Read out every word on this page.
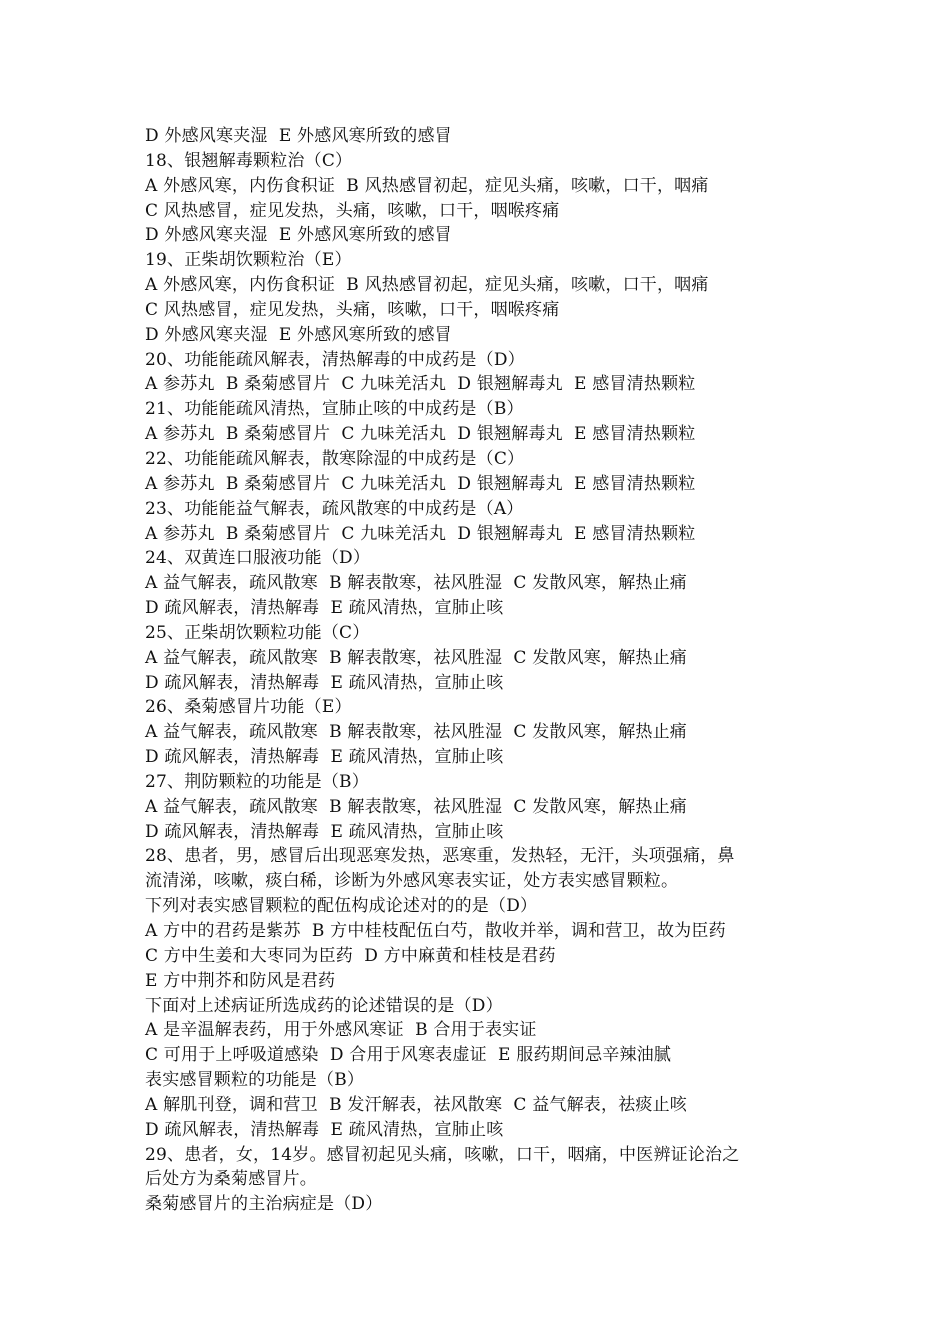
D 外感风寒夹湿  E 外感风寒所致的感冒

18、银翘解毒颗粒治（C）

A 外感风寒，内伤食积证  B 风热感冒初起，症见头痛，咳嗽，口干，咽痛

C 风热感冒，症见发热，头痛，咳嗽，口干，咽喉疼痛

D 外感风寒夹湿  E 外感风寒所致的感冒

19、正柴胡饮颗粒治（E）

A 外感风寒，内伤食积证  B 风热感冒初起，症见头痛，咳嗽，口干，咽痛

C 风热感冒，症见发热，头痛，咳嗽，口干，咽喉疼痛

D 外感风寒夹湿  E 外感风寒所致的感冒

20、功能能疏风解表，清热解毒的中成药是（D）

A 参苏丸  B 桑菊感冒片  C 九味羌活丸  D 银翘解毒丸  E 感冒清热颗粒

21、功能能疏风清热，宣肺止咳的中成药是（B）

A 参苏丸  B 桑菊感冒片  C 九味羌活丸  D 银翘解毒丸  E 感冒清热颗粒

22、功能能疏风解表，散寒除湿的中成药是（C）

A 参苏丸  B 桑菊感冒片  C 九味羌活丸  D 银翘解毒丸  E 感冒清热颗粒

23、功能能益气解表，疏风散寒的中成药是（A）

A 参苏丸  B 桑菊感冒片  C 九味羌活丸  D 银翘解毒丸  E 感冒清热颗粒

24、双黄连口服液功能（D）

A 益气解表，疏风散寒  B 解表散寒，祛风胜湿  C 发散风寒，解热止痛

D 疏风解表，清热解毒  E 疏风清热，宣肺止咳

25、正柴胡饮颗粒功能（C）

A 益气解表，疏风散寒  B 解表散寒，祛风胜湿  C 发散风寒，解热止痛

D 疏风解表，清热解毒  E 疏风清热，宣肺止咳

26、桑菊感冒片功能（E）

A 益气解表，疏风散寒  B 解表散寒，祛风胜湿  C 发散风寒，解热止痛

D 疏风解表，清热解毒  E 疏风清热，宣肺止咳

27、荆防颗粒的功能是（B）

A 益气解表，疏风散寒  B 解表散寒，祛风胜湿  C 发散风寒，解热止痛

D 疏风解表，清热解毒  E 疏风清热，宣肺止咳

28、患者，男，感冒后出现恶寒发热，恶寒重，发热轻，无汗，头项强痛，鼻

流清涕，咳嗽，痰白稀，诊断为外感风寒表实证，处方表实感冒颗粒。

下列对表实感冒颗粒的配伍构成论述对的的是（D）

A 方中的君药是紫苏  B 方中桂枝配伍白芍，散收并举，调和营卫，故为臣药

C 方中生姜和大枣同为臣药  D 方中麻黄和桂枝是君药

E 方中荆芥和防风是君药

下面对上述病证所选成药的论述错误的是（D）

A 是辛温解表药，用于外感风寒证  B 合用于表实证

C 可用于上呼吸道感染  D 合用于风寒表虚证  E 服药期间忌辛辣油腻

表实感冒颗粒的功能是（B）

A 解肌刊登，调和营卫  B 发汗解表，祛风散寒  C 益气解表，祛痰止咳

D 疏风解表，清热解毒  E 疏风清热，宣肺止咳

29、患者，女，14岁。感冒初起见头痛，咳嗽，口干，咽痛，中医辨证论治之

后处方为桑菊感冒片。

桑菊感冒片的主治病症是（D）
